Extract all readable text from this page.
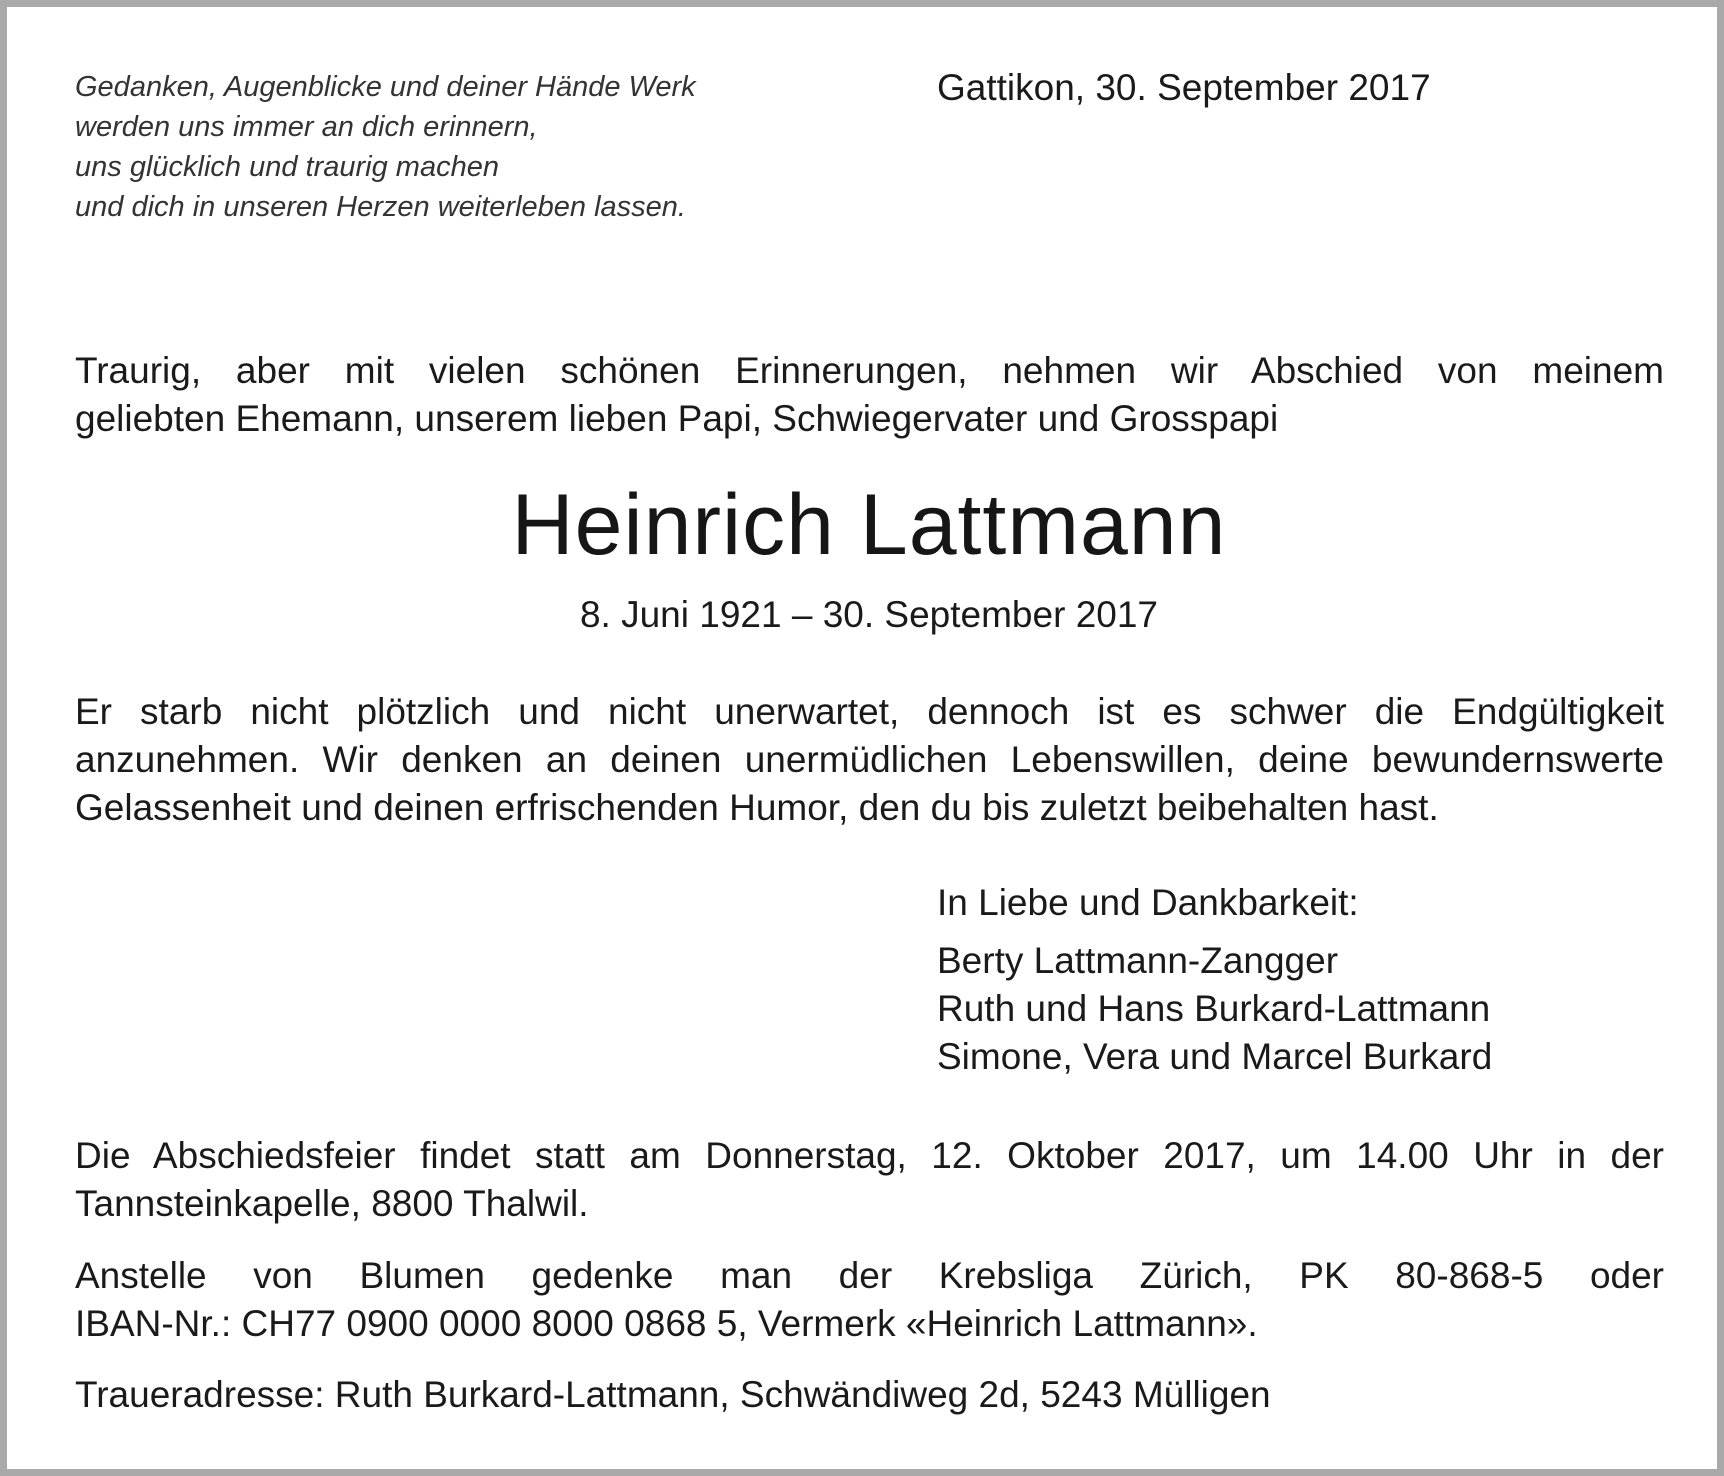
Gedanken, Augenblicke und deiner Hände Werk
werden uns immer an dich erinnern,
uns glücklich und traurig machen
und dich in unseren Herzen weiterleben lassen.
Gattikon, 30. September 2017
Traurig, aber mit vielen schönen Erinnerungen, nehmen wir Abschied von meinem
geliebten Ehemann, unserem lieben Papi, Schwiegervater und Grosspapi
Heinrich Lattmann
8. Juni 1921 – 30. September 2017
Er starb nicht plötzlich und nicht unerwartet, dennoch ist es schwer die Endgültigkeit
anzunehmen. Wir denken an deinen unermüdlichen Lebenswillen, deine bewundernswerte
Gelassenheit und deinen erfrischenden Humor, den du bis zuletzt beibehalten hast.
In Liebe und Dankbarkeit:
Berty Lattmann-Zangger
Ruth und Hans Burkard-Lattmann
Simone, Vera und Marcel Burkard
Die Abschiedsfeier findet statt am Donnerstag, 12. Oktober 2017, um 14.00 Uhr in der
Tannsteinkapelle, 8800 Thalwil.
Anstelle von Blumen gedenke man der Krebsliga Zürich, PK 80-868-5 oder
IBAN-Nr.: CH77 0900 0000 8000 0868 5, Vermerk «Heinrich Lattmann».
Traueradresse: Ruth Burkard-Lattmann, Schwändiweg 2d, 5243 Mülligen
